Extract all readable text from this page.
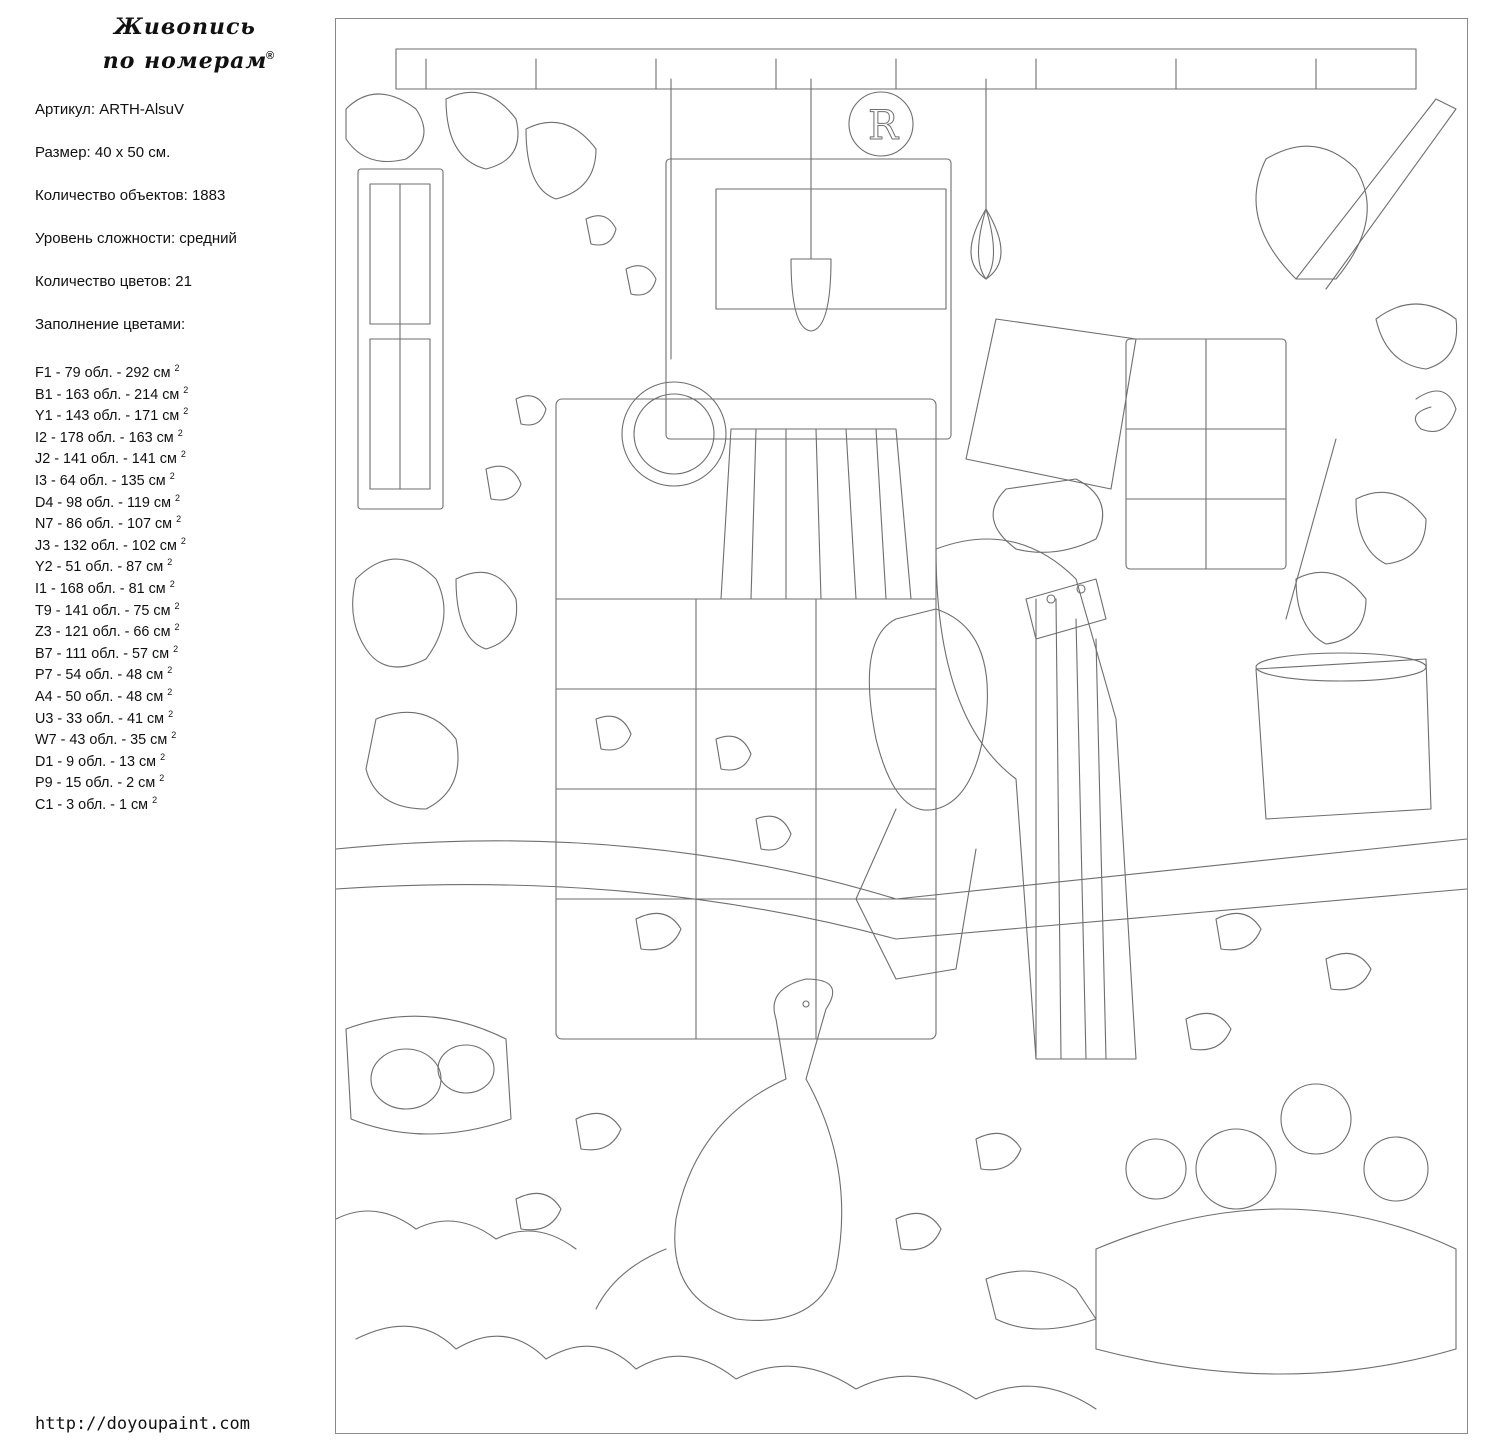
Живопись
по номерам
®
Артикул: ARTH-AlsuV
Размер: 40 х 50 см.
Количество объектов: 1883
Уровень сложности: средний
Количество цветов: 21
Заполнение цветами:
F1 - 79 обл. - 292 см $^2$
B1 - 163 обл. - 214 см $^2$
Y1 - 143 обл. - 171 см $^2$
I2 - 178 обл. - 163 см $^2$
J2 - 141 обл. - 141 см $^2$
I3 - 64 обл. - 135 см $^2$
D4 - 98 обл. - 119 см $^2$
N7 - 86 обл. - 107 см $^2$
J3 - 132 обл. - 102 см $^2$
Y2 - 51 обл. - 87 см $^2$
I1 - 168 обл. - 81 см $^2$
T9 - 141 обл. - 75 см $^2$
Z3 - 121 обл. - 66 см $^2$
B7 - 111 обл. - 57 см $^2$
P7 - 54 обл. - 48 см $^2$
A4 - 50 обл. - 48 см $^2$
U3 - 33 обл. - 41 см $^2$
W7 - 43 обл. - 35 см $^2$
D1 - 9 обл. - 13 см $^2$
P9 - 15 обл. - 2 см $^2$
C1 - 3 обл. - 1 см $^2$
http://doyoupaint.com
R
